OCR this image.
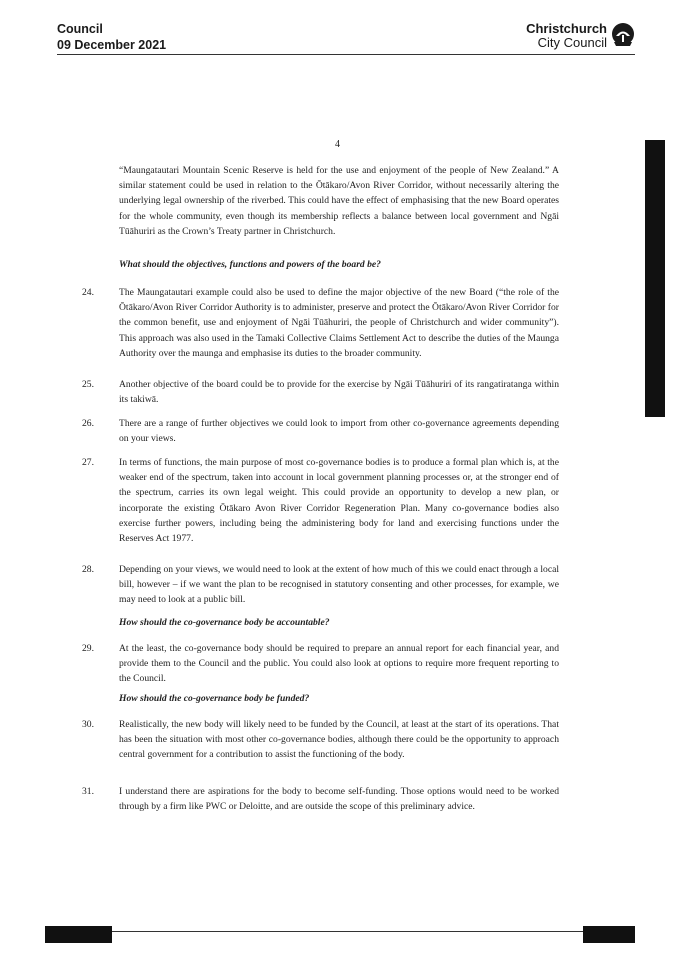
Council
09 December 2021
Christchurch
City Council
4
“Maungatautari Mountain Scenic Reserve is held for the use and enjoyment of the people of New Zealand.” A similar statement could be used in relation to the Ōtākaro/Avon River Corridor, without necessarily altering the underlying legal ownership of the riverbed. This could have the effect of emphasising that the new Board operates for the whole community, even though its membership reflects a balance between local government and Ngāi Tūāhuriri as the Crown’s Treaty partner in Christchurch.
What should the objectives, functions and powers of the board be?
24.	The Maungatautari example could also be used to define the major objective of the new Board (“the role of the Ōtākaro/Avon River Corridor Authority is to administer, preserve and protect the Ōtākaro/Avon River Corridor for the common benefit, use and enjoyment of Ngāi Tūāhuriri, the people of Christchurch and wider community”). This approach was also used in the Tamaki Collective Claims Settlement Act to describe the duties of the Maunga Authority over the maunga and emphasise its duties to the broader community.
25.	Another objective of the board could be to provide for the exercise by Ngāi Tūāhuriri of its rangatiratanga within its takiwā.
26.	There are a range of further objectives we could look to import from other co-governance agreements depending on your views.
27.	In terms of functions, the main purpose of most co-governance bodies is to produce a formal plan which is, at the weaker end of the spectrum, taken into account in local government planning processes or, at the stronger end of the spectrum, carries its own legal weight. This could provide an opportunity to develop a new plan, or incorporate the existing Ōtākaro Avon River Corridor Regeneration Plan. Many co-governance bodies also exercise further powers, including being the administering body for land and exercising functions under the Reserves Act 1977.
28.	Depending on your views, we would need to look at the extent of how much of this we could enact through a local bill, however – if we want the plan to be recognised in statutory consenting and other processes, for example, we may need to look at a public bill.
How should the co-governance body be accountable?
29.	At the least, the co-governance body should be required to prepare an annual report for each financial year, and provide them to the Council and the public. You could also look at options to require more frequent reporting to the Council.
How should the co-governance body be funded?
30.	Realistically, the new body will likely need to be funded by the Council, at least at the start of its operations. That has been the situation with most other co-governance bodies, although there could be the opportunity to approach central government for a contribution to assist the functioning of the body.
31.	I understand there are aspirations for the body to become self-funding. Those options would need to be worked through by a firm like PWC or Deloitte, and are outside the scope of this preliminary advice.
